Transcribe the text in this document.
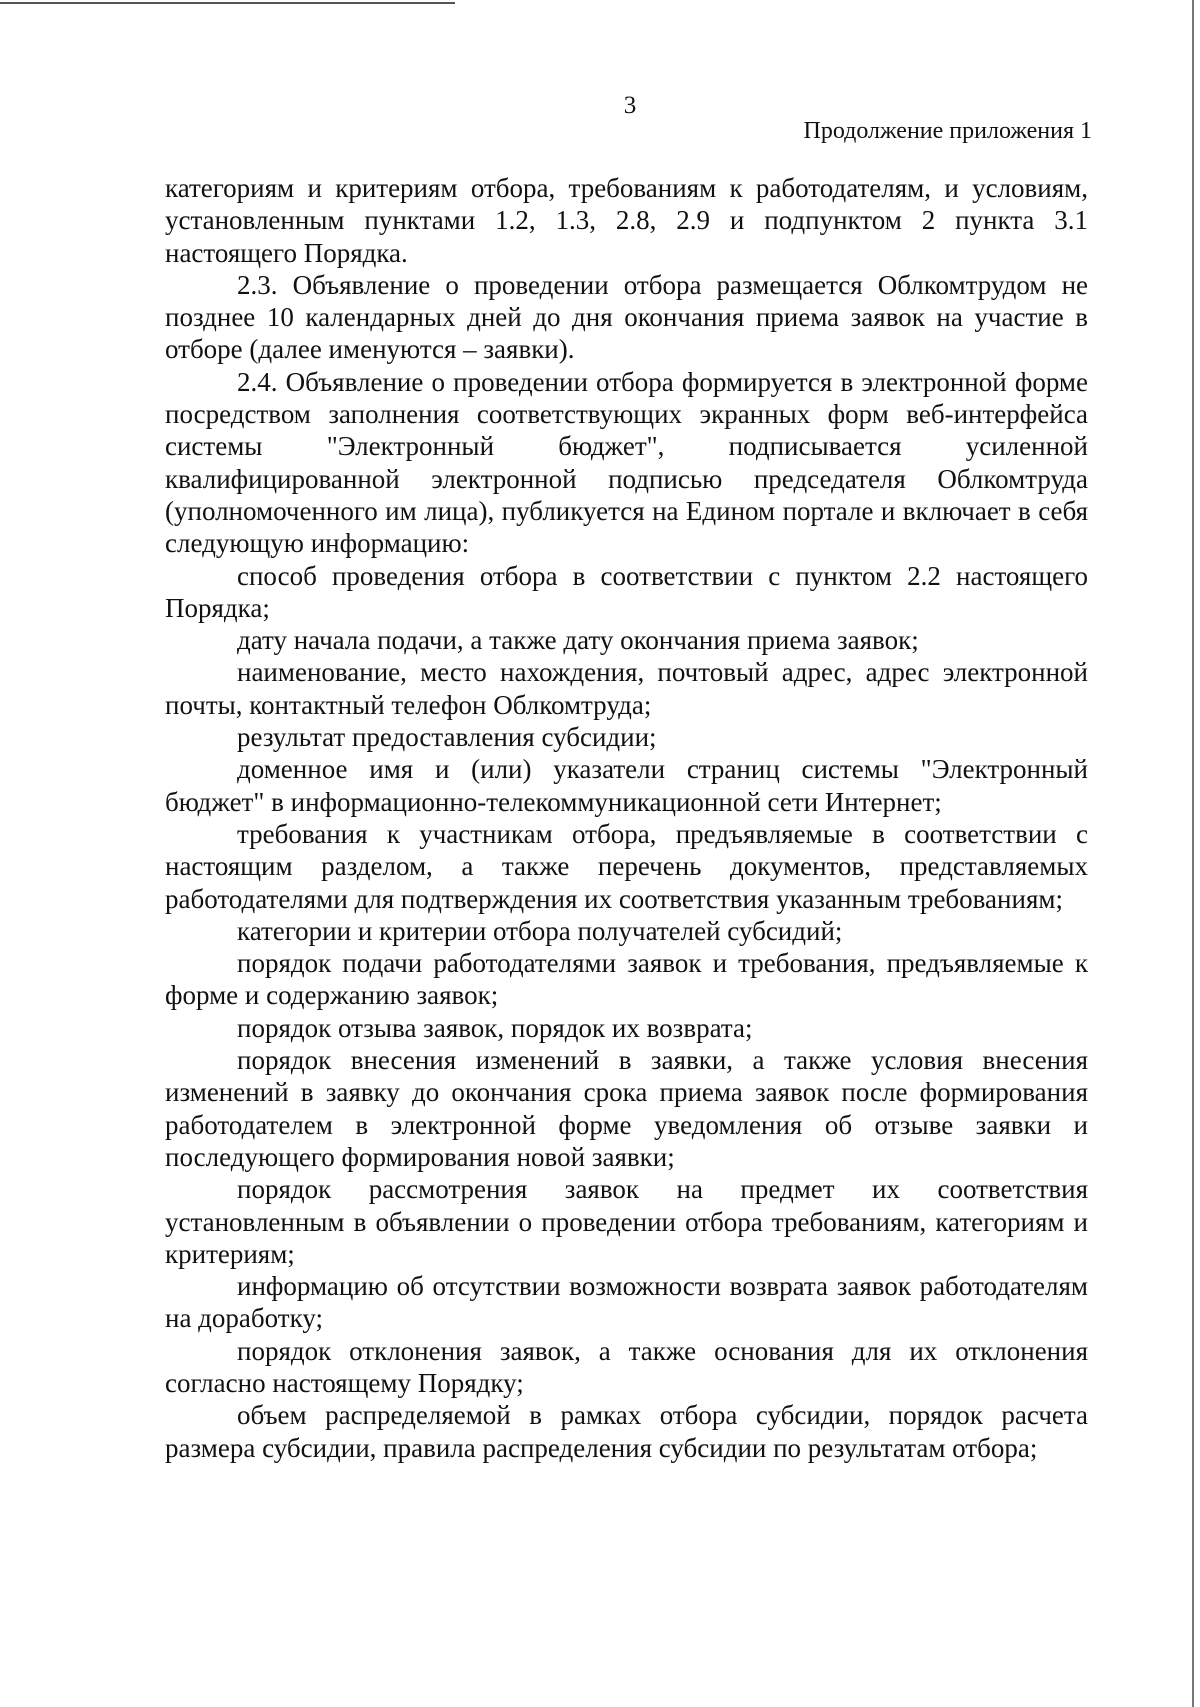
3
Продолжение приложения 1

категориям и критериям отбора, требованиям к работодателям, и условиям, установленным пунктами 1.2, 1.3, 2.8, 2.9 и подпунктом 2 пункта 3.1 настоящего Порядка.

2.3. Объявление о проведении отбора размещается Облкомтрудом не позднее 10 календарных дней до дня окончания приема заявок на участие в отборе (далее именуются – заявки).

2.4. Объявление о проведении отбора формируется в электронной форме посредством заполнения соответствующих экранных форм веб-интерфейса системы "Электронный бюджет", подписывается усиленной квалифицированной электронной подписью председателя Облкомтруда (уполномоченного им лица), публикуется на Едином портале и включает в себя следующую информацию:

способ проведения отбора в соответствии с пунктом 2.2 настоящего Порядка;

дату начала подачи, а также дату окончания приема заявок;

наименование, место нахождения, почтовый адрес, адрес электронной почты, контактный телефон Облкомтруда;

результат предоставления субсидии;

доменное имя и (или) указатели страниц системы "Электронный бюджет" в информационно-телекоммуникационной сети Интернет;

требования к участникам отбора, предъявляемые в соответствии с настоящим разделом, а также перечень документов, представляемых работодателями для подтверждения их соответствия указанным требованиям;

категории и критерии отбора получателей субсидий;

порядок подачи работодателями заявок и требования, предъявляемые к форме и содержанию заявок;

порядок отзыва заявок, порядок их возврата;

порядок внесения изменений в заявки, а также условия внесения изменений в заявку до окончания срока приема заявок после формирования работодателем в электронной форме уведомления об отзыве заявки и последующего формирования новой заявки;

порядок рассмотрения заявок на предмет их соответствия установленным в объявлении о проведении отбора требованиям, категориям и критериям;

информацию об отсутствии возможности возврата заявок работодателям на доработку;

порядок отклонения заявок, а также основания для их отклонения согласно настоящему Порядку;

объем распределяемой в рамках отбора субсидии, порядок расчета размера субсидии, правила распределения субсидии по результатам отбора;
